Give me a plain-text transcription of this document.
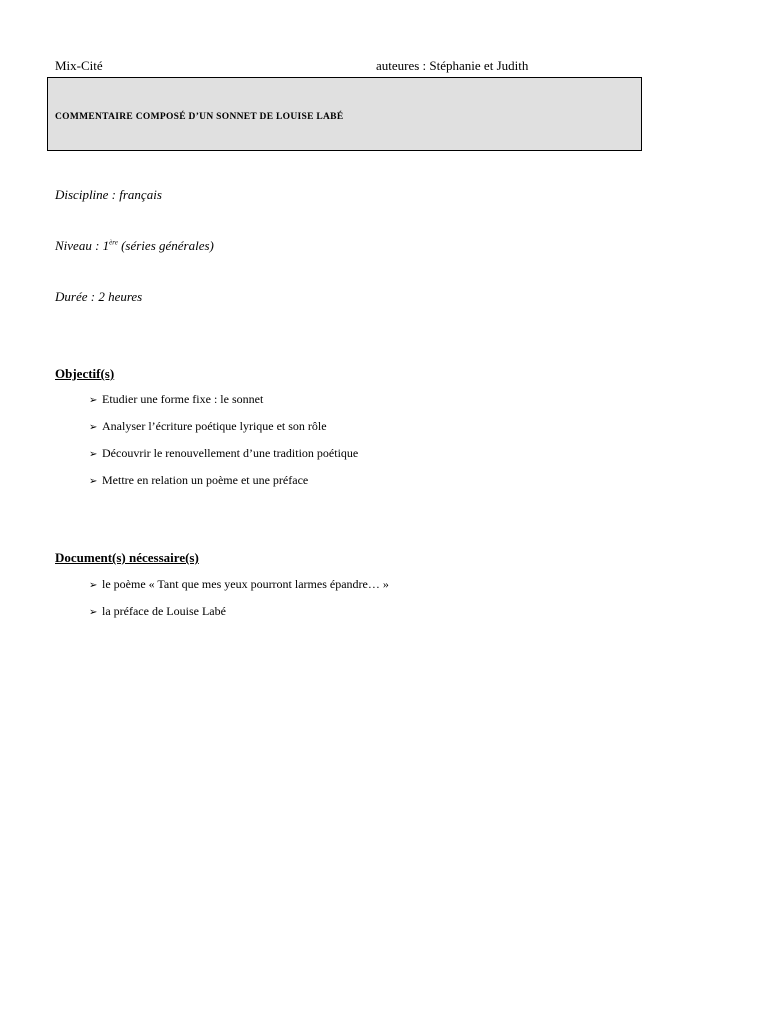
Mix-Cité	auteures : Stéphanie et Judith
COMMENTAIRE COMPOSÉ D’UN SONNET DE LOUISE LABÉ
Discipline : français
Niveau : 1ère (séries générales)
Durée : 2 heures
Objectif(s)
➢ Etudier une forme fixe : le sonnet
➢ Analyser l’écriture poétique lyrique et son rôle
➢ Découvrir le renouvellement d’une tradition poétique
➢ Mettre en relation un poème et une préface
Document(s) nécessaire(s)
➢ le poème « Tant que mes yeux pourront larmes épandre… »
➢ la préface de Louise Labé
